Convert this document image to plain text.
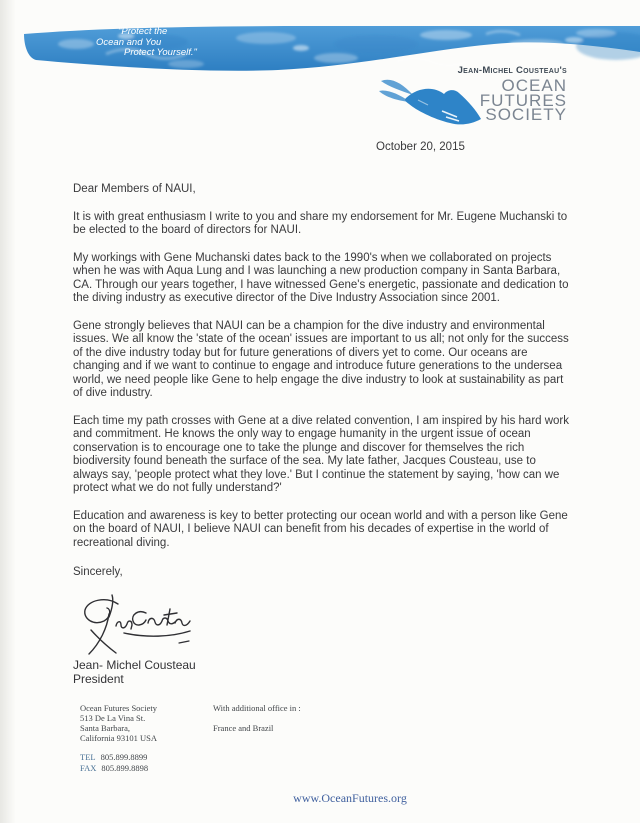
"Protect the
Ocean and You
Protect Yourself."
Jean-Michel Cousteau's
OCEAN
FUTURES
SOCIETY
October 20, 2015

Dear Members of NAUI,

It is with great enthusiasm I write to you and share my endorsement for Mr. Eugene Muchanski to be elected to the board of directors for NAUI.

My workings with Gene Muchanski dates back to the 1990's when we collaborated on projects when he was with Aqua Lung and I was launching a new production company in Santa Barbara, CA. Through our years together, I have witnessed Gene's energetic, passionate and dedication to the diving industry as executive director of the Dive Industry Association since 2001.

Gene strongly believes that NAUI can be a champion for the dive industry and environmental issues. We all know the 'state of the ocean' issues are important to us all; not only for the success of the dive industry today but for future generations of divers yet to come. Our oceans are changing and if we want to continue to engage and introduce future generations to the undersea world, we need people like Gene to help engage the dive industry to look at sustainability as part of dive industry.

Each time my path crosses with Gene at a dive related convention, I am inspired by his hard work and commitment. He knows the only way to engage humanity in the urgent issue of ocean conservation is to encourage one to take the plunge and discover for themselves the rich biodiversity found beneath the surface of the sea. My late father, Jacques Cousteau, use to always say, 'people protect what they love.' But I continue the statement by saying, 'how can we protect what we do not fully understand?'

Education and awareness is key to better protecting our ocean world and with a person like Gene on the board of NAUI, I believe NAUI can benefit from his decades of expertise in the world of recreational diving.

Sincerely,
Jean- Michel Cousteau
President
Ocean Futures Society
513 De La Vina St.
Santa Barbara,
California 93101 USA
TEL 805.899.8899
FAX 805.899.8898
With additional office in :
France and Brazil
www.OceanFutures.org
